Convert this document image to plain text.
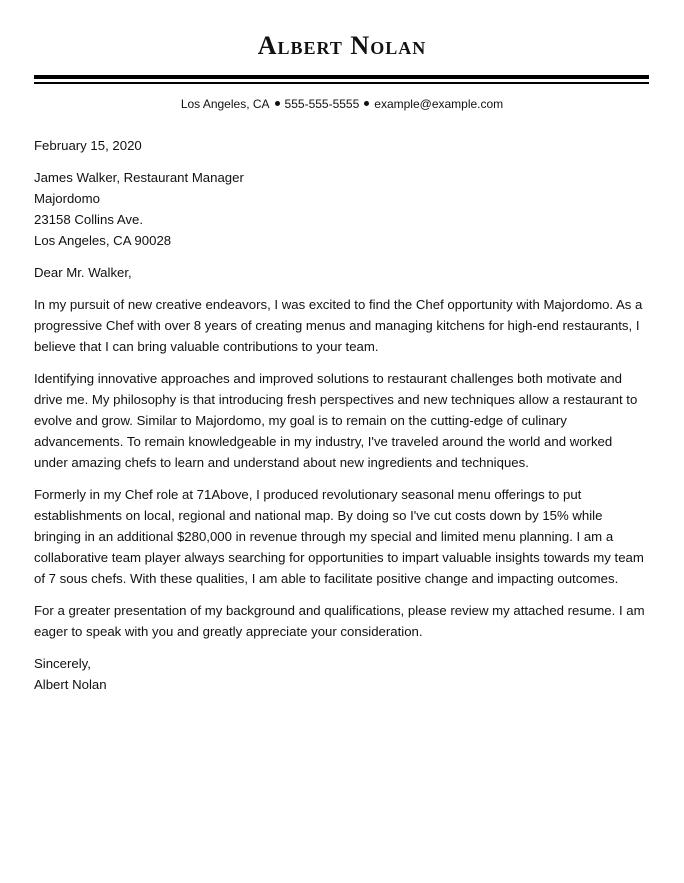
Albert Nolan
Los Angeles, CA 555-555-5555 example@example.com

February 15, 2020

James Walker, Restaurant Manager
Majordomo
23158 Collins Ave.
Los Angeles, CA 90028

Dear Mr. Walker,

In my pursuit of new creative endeavors, I was excited to find the Chef opportunity with Majordomo. As a progressive Chef with over 8 years of creating menus and managing kitchens for high-end restaurants, I believe that I can bring valuable contributions to your team.

Identifying innovative approaches and improved solutions to restaurant challenges both motivate and drive me. My philosophy is that introducing fresh perspectives and new techniques allow a restaurant to evolve and grow. Similar to Majordomo, my goal is to remain on the cutting-edge of culinary advancements. To remain knowledgeable in my industry, I've traveled around the world and worked under amazing chefs to learn and understand about new ingredients and techniques.

Formerly in my Chef role at 71Above, I produced revolutionary seasonal menu offerings to put establishments on local, regional and national map. By doing so I've cut costs down by 15% while bringing in an additional $280,000 in revenue through my special and limited menu planning. I am a collaborative team player always searching for opportunities to impart valuable insights towards my team of 7 sous chefs. With these qualities, I am able to facilitate positive change and impacting outcomes.

For a greater presentation of my background and qualifications, please review my attached resume. I am eager to speak with you and greatly appreciate your consideration.

Sincerely,
Albert Nolan
